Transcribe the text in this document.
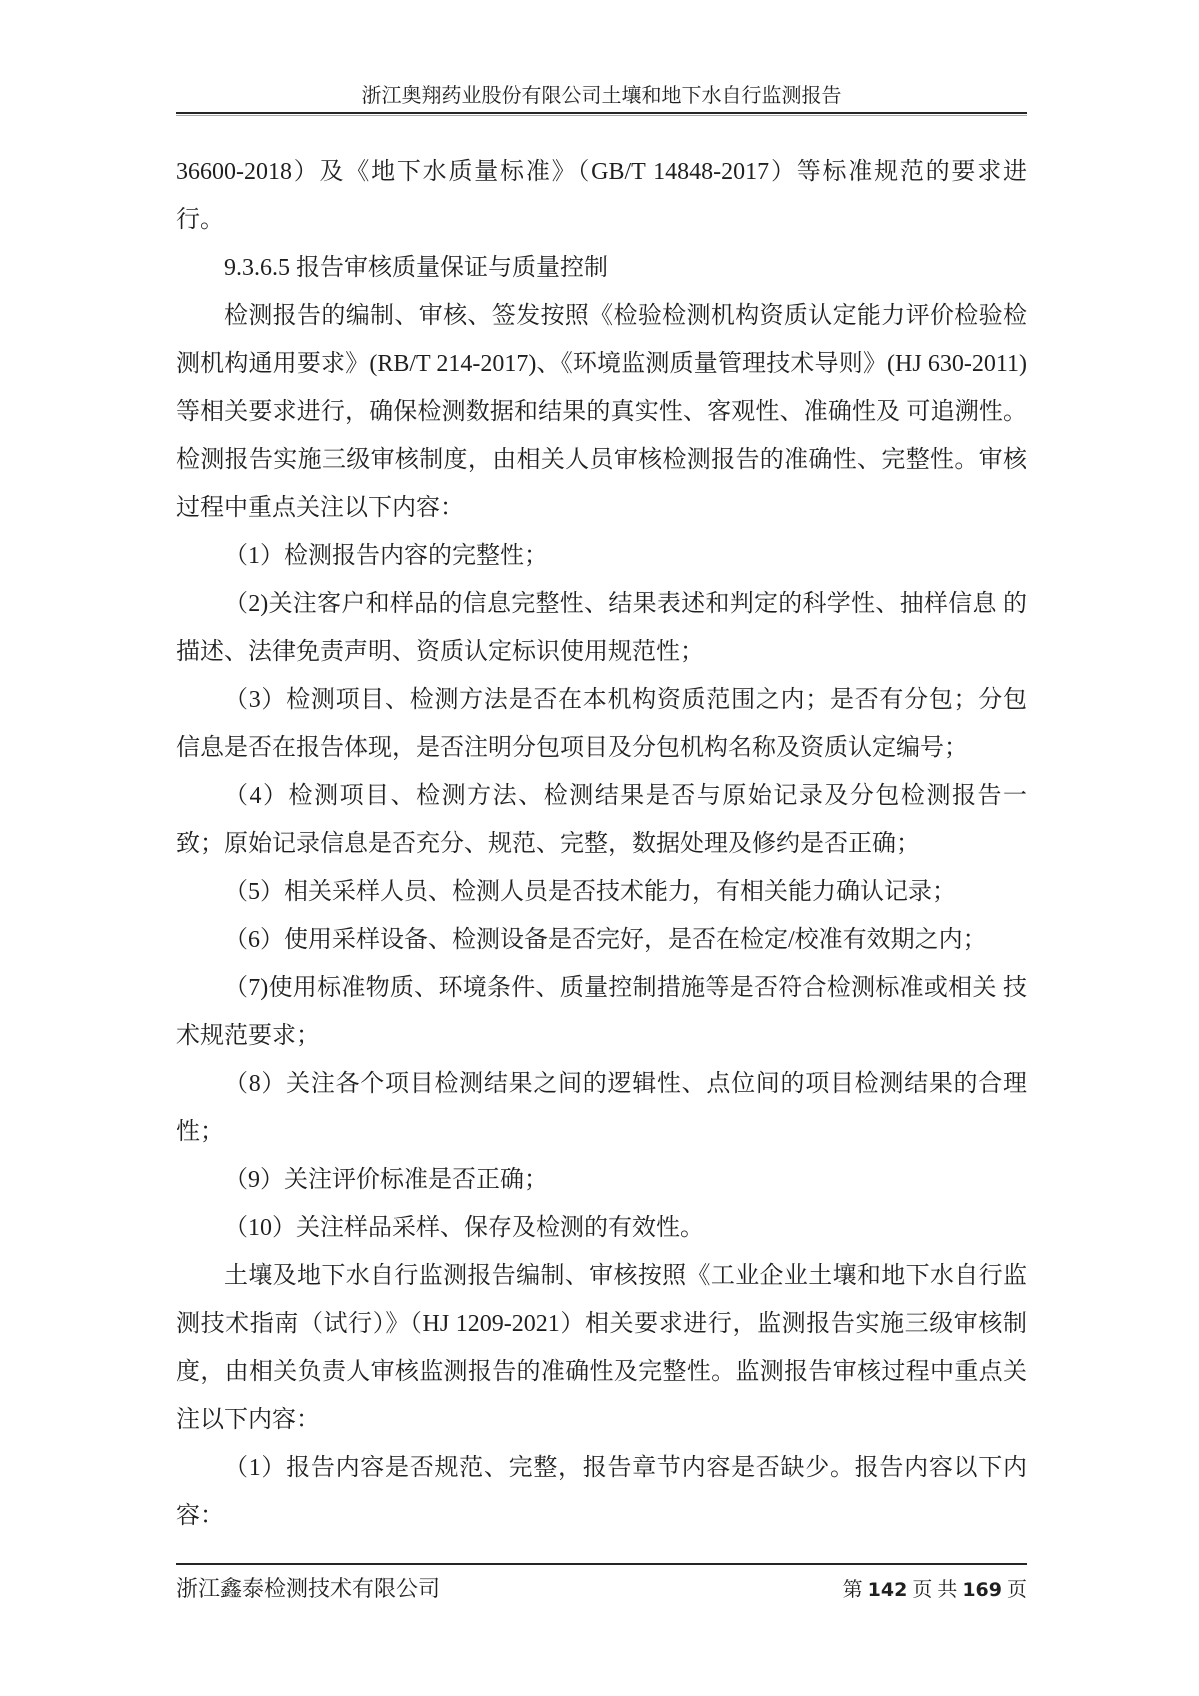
浙江奥翔药业股份有限公司土壤和地下水自行监测报告

36600-2018）及《地下水质量标准》（GB/T 14848-2017）等标准规范的要求进行。

9.3.6.5 报告审核质量保证与质量控制

检测报告的编制、审核、签发按照《检验检测机构资质认定能力评价检验检测机构通用要求》(RB/T 214-2017)、《环境监测质量管理技术导则》(HJ 630-2011)等相关要求进行，确保检测数据和结果的真实性、客观性、准确性及 可追溯性。检测报告实施三级审核制度，由相关人员审核检测报告的准确性、完整性。审核过程中重点关注以下内容：

（1）检测报告内容的完整性；

（2)关注客户和样品的信息完整性、结果表述和判定的科学性、抽样信息 的描述、法律免责声明、资质认定标识使用规范性；

（3）检测项目、检测方法是否在本机构资质范围之内；是否有分包；分包信息是否在报告体现，是否注明分包项目及分包机构名称及资质认定编号；

（4）检测项目、检测方法、检测结果是否与原始记录及分包检测报告一致；原始记录信息是否充分、规范、完整，数据处理及修约是否正确；

（5）相关采样人员、检测人员是否技术能力，有相关能力确认记录；

（6）使用采样设备、检测设备是否完好，是否在检定/校准有效期之内；

（7)使用标准物质、环境条件、质量控制措施等是否符合检测标准或相关 技术规范要求；

（8）关注各个项目检测结果之间的逻辑性、点位间的项目检测结果的合理性；

（9）关注评价标准是否正确；

（10）关注样品采样、保存及检测的有效性。

土壤及地下水自行监测报告编制、审核按照《工业企业土壤和地下水自行监测技术指南（试行）》（HJ 1209-2021）相关要求进行，监测报告实施三级审核制度，由相关负责人审核监测报告的准确性及完整性。监测报告审核过程中重点关注以下内容：

（1）报告内容是否规范、完整，报告章节内容是否缺少。报告内容以下内容：

浙江鑫泰检测技术有限公司	第 142 页 共 169 页
